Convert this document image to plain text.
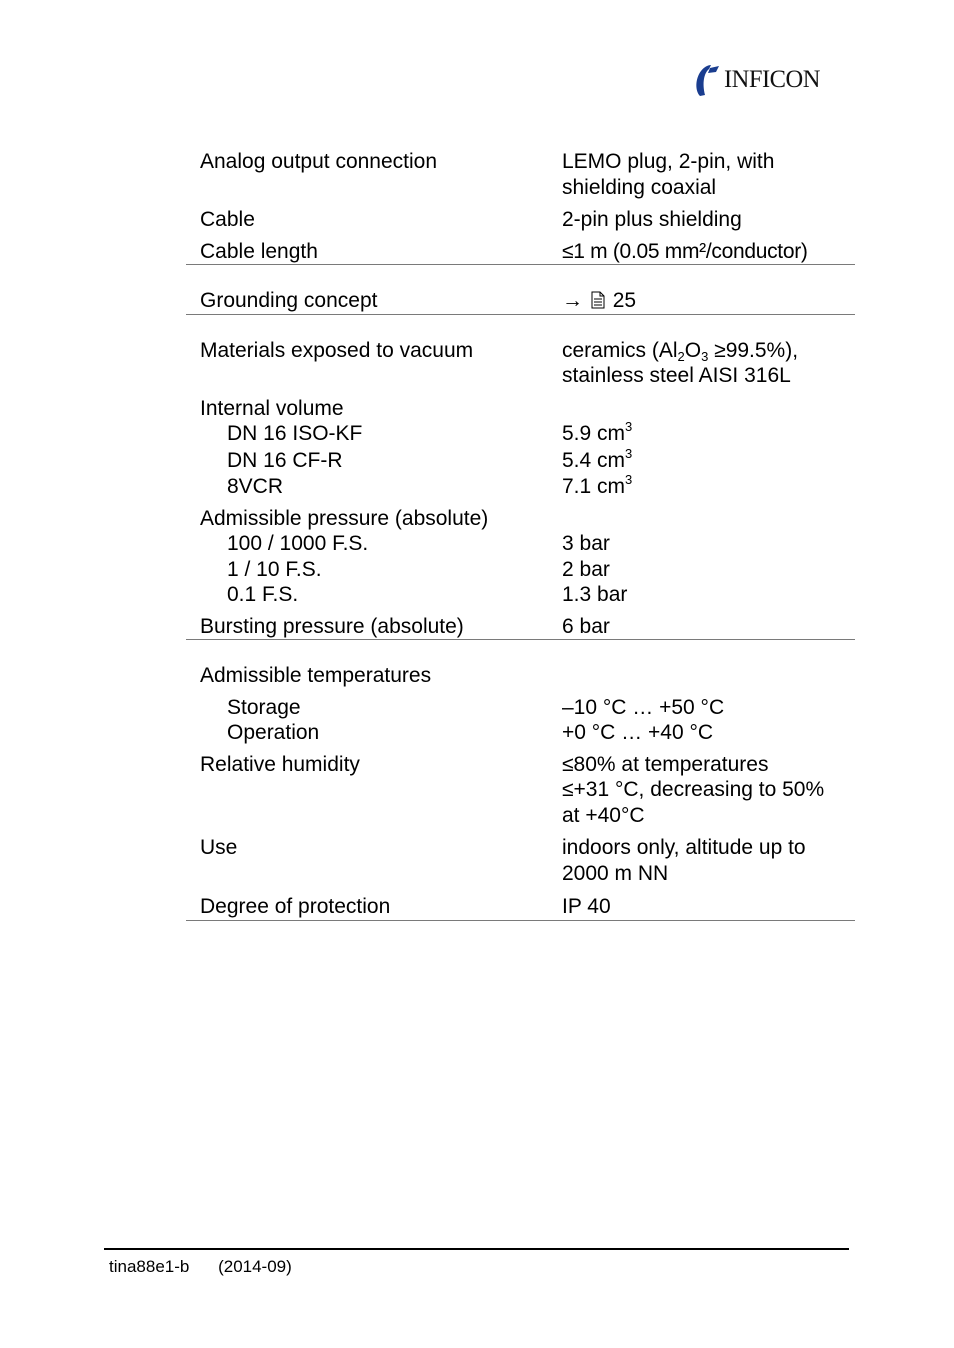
INFICON
Analog output connection	LEMO plug, 2-pin, with
shielding coaxial
Cable	2-pin plus shielding
Cable length	≤1 m (0.05 mm²/conductor)
Grounding concept	→ 25
Materials exposed to vacuum	ceramics $(Al_2O_3 \ge 99.5\%)$,
stainless steel AISI 316L
Internal volume
DN 16 ISO-KF	5.9 $cm^3$
DN 16 CF-R	5.4 $cm^3$
8VCR	7.1 $cm^3$
Admissible pressure (absolute)
100 / 1000 F.S.	3 bar
1 / 10 F.S.	2 bar
0.1 F.S.	1.3 bar
Bursting pressure (absolute)	6 bar
Admissible temperatures
Storage	–10 °C … +50 °C
Operation	+0 °C … +40 °C
Relative humidity	≤80% at temperatures
≤+31 °C, decreasing to 50%
at +40°C
Use	indoors only, altitude up to
2000 m NN
Degree of protection	IP 40
tina88e1-b (2014-09)
